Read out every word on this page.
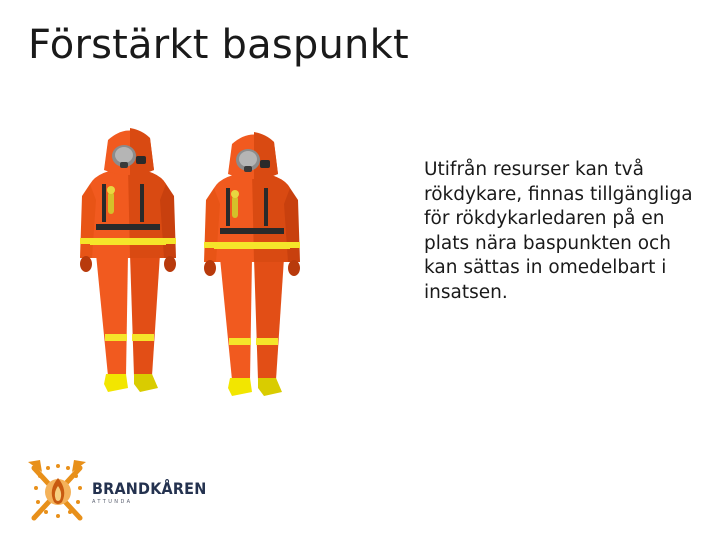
Förstärkt baspunkt
Utifrån resurser kan två rökdykare, finnas tillgängliga för rökdykarledaren på en plats nära baspunkten och kan sättas in omedelbart i insatsen.
BRANDKÅREN
ATTUNDA
